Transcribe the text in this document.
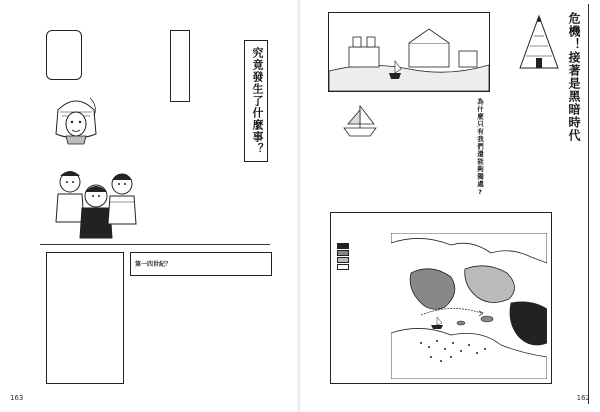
究竟發生了什麼事？
第一四世紀？
163
危機！接著是黑暗時代
為什麼只有我們還能夠獨處?
162
